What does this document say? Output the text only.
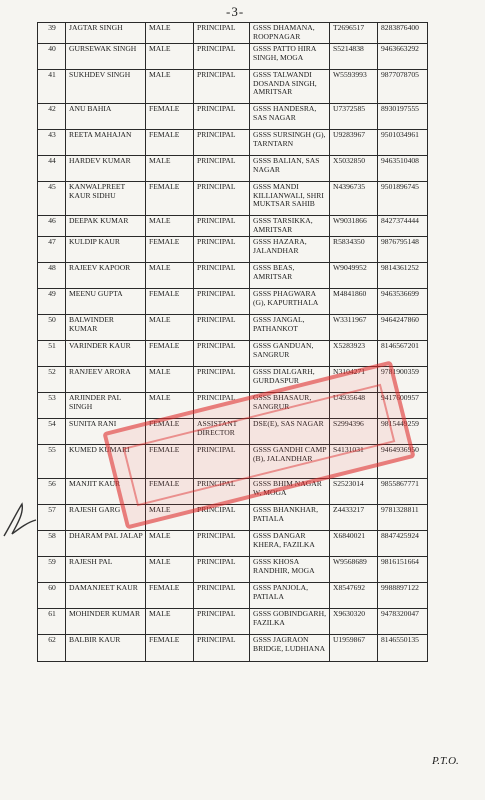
-3-
39	JAGTAR SINGH	MALE	PRINCIPAL	GSSS DHAMANA, ROOPNAGAR	T2696517	8283876400
40	GURSEWAK SINGH	MALE	PRINCIPAL	GSSS PATTO HIRA SINGH, MOGA	S5214838	9463663292
41	SUKHDEV SINGH	MALE	PRINCIPAL	GSSS TALWANDI DOSANDA SINGH, AMRITSAR	W5593993	9877078705
42	ANU BAHIA	FEMALE	PRINCIPAL	GSSS HANDESRA, SAS NAGAR	U7372585	8930197555
43	REETA MAHAJAN	FEMALE	PRINCIPAL	GSSS SURSINGH (G), TARNTARN	U9283967	9501034961
44	HARDEV KUMAR	MALE	PRINCIPAL	GSSS BALIAN, SAS NAGAR	X5032850	9463510408
45	KANWALPREET KAUR SIDHU	FEMALE	PRINCIPAL	GSSS MANDI KILLIANWALI, SHRI MUKTSAR SAHIB	N4396735	9501896745
46	DEEPAK KUMAR	MALE	PRINCIPAL	GSSS TARSIKKA, AMRITSAR	W9031866	8427374444
47	KULDIP KAUR	FEMALE	PRINCIPAL	GSSS HAZARA, JALANDHAR	R5834350	9876795148
48	RAJEEV KAPOOR	MALE	PRINCIPAL	GSSS BEAS, AMRITSAR	W9049952	9814361252
49	MEENU GUPTA	FEMALE	PRINCIPAL	GSSS PHAGWARA (G), KAPURTHALA	M4841860	9463536699
50	BALWINDER KUMAR	MALE	PRINCIPAL	GSSS JANGAL, PATHANKOT	W3311967	9464247860
51	VARINDER KAUR	FEMALE	PRINCIPAL	GSSS GANDUAN, SANGRUR	X5283923	8146567201
52	RANJEEV ARORA	MALE	PRINCIPAL	GSSS DIALGARH, GURDASPUR	N3104271	9781900359
53	ARJINDER PAL SINGH	MALE	PRINCIPAL	GSSS BHASAUR, SANGRUR	U4935648	9417600957
54	SUNITA RANI	FEMALE	ASSISTANT DIRECTOR	DSE(E), SAS NAGAR	S2994396	9815449259
55	KUMED KUMARI	FEMALE	PRINCIPAL	GSSS GANDHI CAMP (B), JALANDHAR	S4131031	9464936950
56	MANJIT KAUR	FEMALE	PRINCIPAL	GSSS BHIM NAGAR W, MOGA	S2523014	9855867771
57	RAJESH GARG	MALE	PRINCIPAL	GSSS BHANKHAR, PATIALA	Z4433217	9781328811
58	DHARAM PAL JALAP	MALE	PRINCIPAL	GSSS DANGAR KHERA, FAZILKA	X6840021	8847425924
59	RAJESH PAL	MALE	PRINCIPAL	GSSS KHOSA RANDHIR, MOGA	W9568689	9816151664
60	DAMANJEET KAUR	FEMALE	PRINCIPAL	GSSS PANJOLA, PATIALA	X8547692	9988897122
61	MOHINDER KUMAR	MALE	PRINCIPAL	GSSS GOBINDGARH, FAZILKA	X9630320	9478320047
62	BALBIR KAUR	FEMALE	PRINCIPAL	GSSS JAGRAON BRIDGE, LUDHIANA	U1959867	8146550135
P.T.O.
